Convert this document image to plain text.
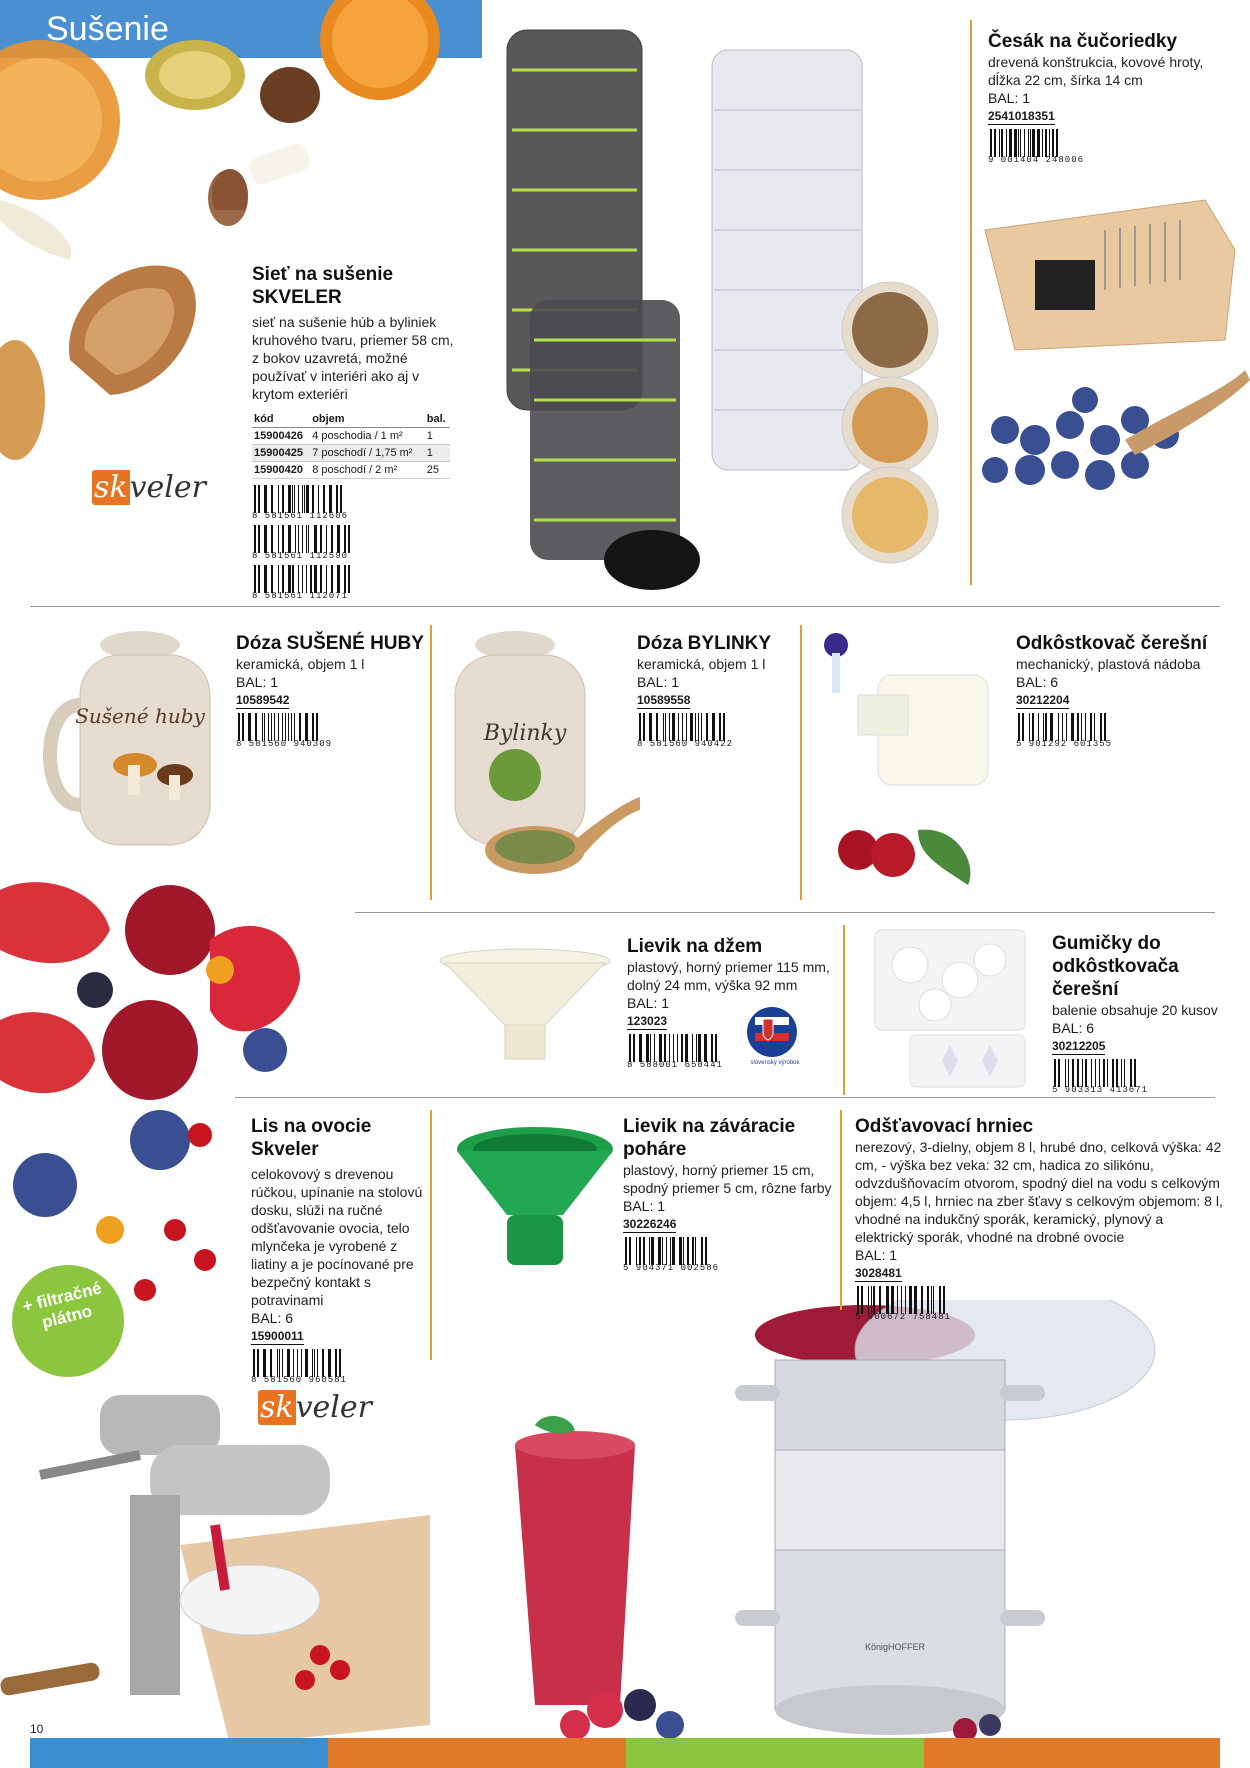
Sušenie
Sušené huby
Bylinky
+ filtračné plátno
KönigHOFFER
Sieť na sušenie SKVELER
sieť na sušenie húb a byliniek kruhového tvaru, priemer 58 cm, z bokov uzavretá, možné používať v interiéri ako aj v krytom exteriéri
kód	objem	bal.
15900426	4 poschodia / 1 m²	1
15900425	7 poschodí / 1,75 m²	1
15900420	8 poschodí / 2 m²	25
8 581561 112606
8 581561 112590
8 581561 112071
skveler
Česák na čučoriedky
drevená konštrukcia, kovové hroty, dĺžka 22 cm, šírka 14 cm
BAL: 1
2541018351
9 001404 248006
Dóza SUŠENÉ HUBY
keramická, objem 1 l
BAL: 1
10589542
8 581560 940309
Dóza BYLINKY
keramická, objem 1 l
BAL: 1
10589558
8 581560 940422
Odkôstkovač čerešní
mechanický, plastová nádoba
BAL: 6
30212204
5 901292 601355
Lievik na džem
plastový, horný priemer 115 mm, dolný 24 mm, výška 92 mm
BAL: 1
123023
8 588001 658441	slovenský výrobok
Gumičky do odkôstkovača čerešní
balenie obsahuje 20 kusov
BAL: 6
30212205
5 903313 413671
Lis na ovocie Skveler
celokovový s drevenou rúčkou, upínanie na stolovú dosku, slúži na ručné odšťavovanie ovocia, telo mlynčeka je vyrobené z liatiny a je pocínované pre bezpečný kontakt s potravinami
BAL: 6
15900011
8 581560 960581
skveler
Lievik na záváracie poháre
plastový, horný priemer 15 cm, spodný priemer 5 cm, rôzne farby
BAL: 1
30226246
5 904371 002586
Odšťavovací hrniec
nerezový, 3-dielny, objem 8 l, hrubé dno, celková výška: 42 cm, - výška bez veka: 32 cm, hadica zo silikónu, odvzdušňovacím otvorom, spodný diel na vodu s celkovým objem: 4,5 l, hrniec na zber šťavy s celkovým objemom: 8 l, vhodné na indukčný sporák, keramický, plynový a elektrický sporák, vhodné na drobné ovocie
BAL: 1
3028481
5 900672 758481
10
